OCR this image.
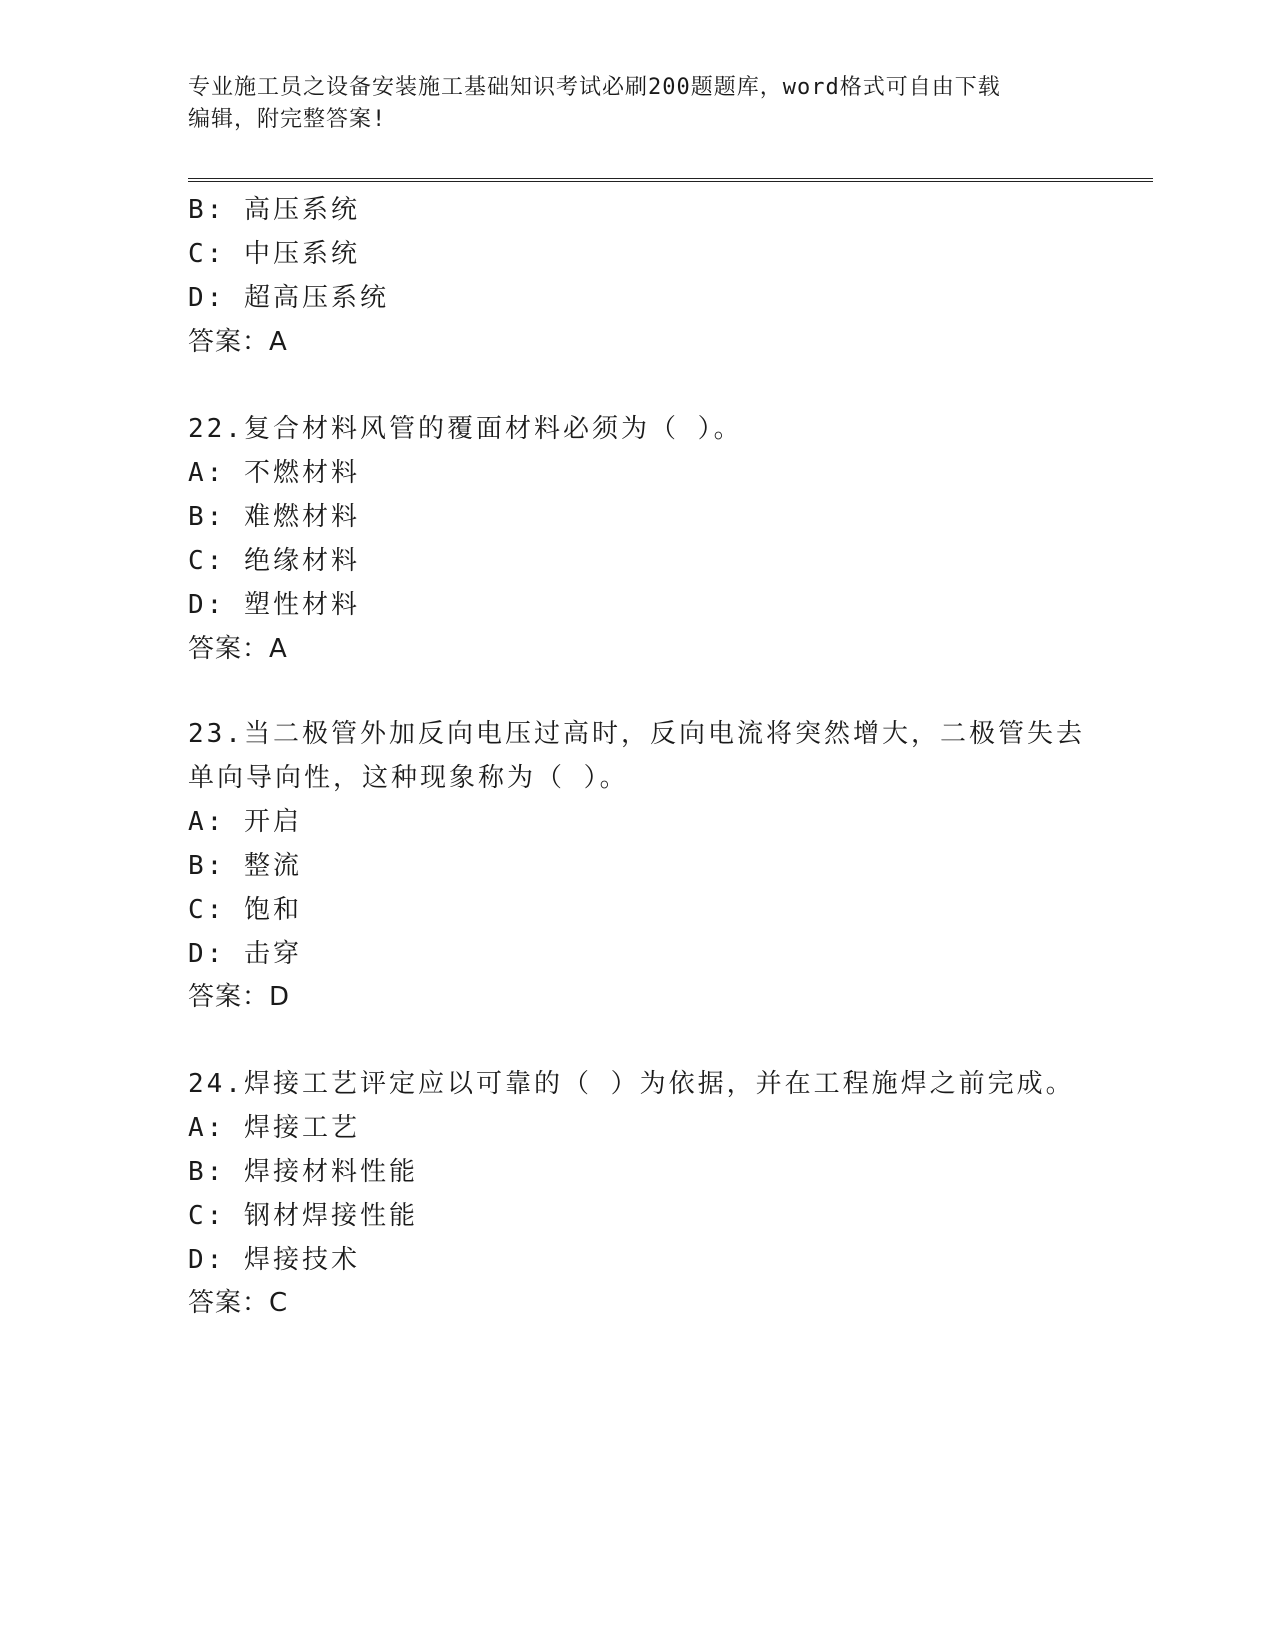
专业施工员之设备安装施工基础知识考试必刷200题题库，word格式可自由下载
编辑，附完整答案!
B: 高压系统
C: 中压系统
D: 超高压系统
答案：A
22.复合材料风管的覆面材料必须为（ ）。
A: 不燃材料
B: 难燃材料
C: 绝缘材料
D: 塑性材料
答案：A
23.当二极管外加反向电压过高时，反向电流将突然增大，二极管失去
单向导向性，这种现象称为（ ）。
A: 开启
B: 整流
C: 饱和
D: 击穿
答案：D
24.焊接工艺评定应以可靠的（ ）为依据，并在工程施焊之前完成。
A: 焊接工艺
B: 焊接材料性能
C: 钢材焊接性能
D: 焊接技术
答案：C
